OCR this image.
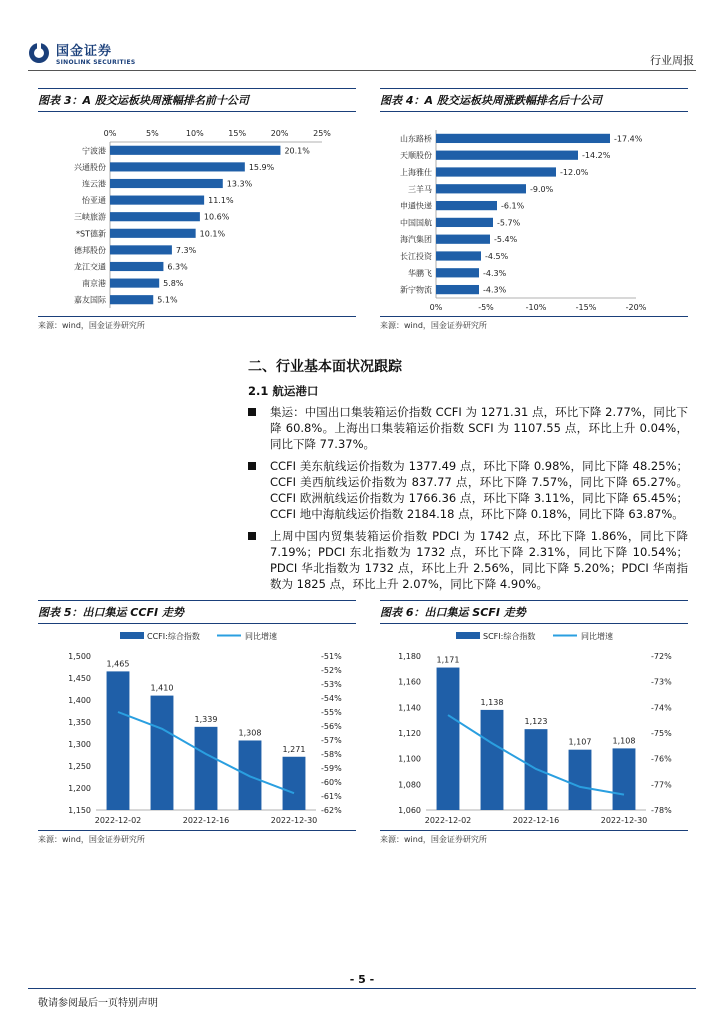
国金证券
SINOLINK SECURITIES	行业周报
图表 3：A 股交运板块周涨幅排名前十公司
0%	5%	10%	15%	20%	25%
宁波港	20.1%
兴通股份	15.9%
连云港	13.3%
怡亚通	11.1%
三峡旅游	10.6%
*ST德新	10.1%
德邦股份	7.3%
龙江交通	6.3%
南京港	5.8%
嘉友国际	5.1%
来源：wind，国金证券研究所
图表 4：A 股交运板块周涨跌幅排名后十公司
0%	-5%	-10%	-15%	-20%
山东路桥	-17.4%
天顺股份	-14.2%
上海雅仕	-12.0%
三羊马	-9.0%
申通快递	-6.1%
中国国航	-5.7%
海汽集团	-5.4%
长江投资	-4.5%
华鹏飞	-4.3%
新宁物流	-4.3%
来源：wind，国金证券研究所
二、行业基本面状况跟踪
2.1 航运港口
集运：中国出口集装箱运价指数 CCFI 为 1271.31 点，环比下降 2.77%，同比下降 60.8%。上海出口集装箱运价指数 SCFI 为 1107.55 点，环比上升 0.04%，同比下降 77.37%。
CCFI 美东航线运价指数为 1377.49 点，环比下降 0.98%，同比下降 48.25%；CCFI 美西航线运价指数为 837.77 点，环比下降 7.57%，同比下降 65.27%。CCFI 欧洲航线运价指数为 1766.36 点，环比下降 3.11%，同比下降 65.45%；CCFI 地中海航线运价指数 2184.18 点，环比下降 0.18%，同比下降 63.87%。
上周中国内贸集装箱运价指数 PDCI 为 1742 点，环比下降 1.86%，同比下降 7.19%；PDCI 东北指数为 1732 点，环比下降 2.31%，同比下降 10.54%；PDCI 华北指数为 1732 点，环比上升 2.56%，同比下降 5.20%；PDCI 华南指数为 1825 点，环比上升 2.07%，同比下降 4.90%。
图表 5：出口集运 CCFI 走势
CCFI:综合指数	同比增速
1,150
1,200
1,250
1,300
1,350
1,400
1,450
1,500	-51%
-52%
-53%
-54%
-55%
-56%
-57%
-58%
-59%
-60%
-61%
-62%
1,465
1,410
1,339
1,308
1,271
2022-12-02	2022-12-16	2022-12-30
来源：wind，国金证券研究所
图表 6：出口集运 SCFI 走势
SCFI:综合指数	同比增速
1,060
1,080
1,100
1,120
1,140
1,160
1,180	-72%
-73%
-74%
-75%
-76%
-77%
-78%
1,171
1,138
1,123
1,107	1,108
2022-12-02	2022-12-16	2022-12-30
来源：wind，国金证券研究所
- 5 -
敬请参阅最后一页特别声明
